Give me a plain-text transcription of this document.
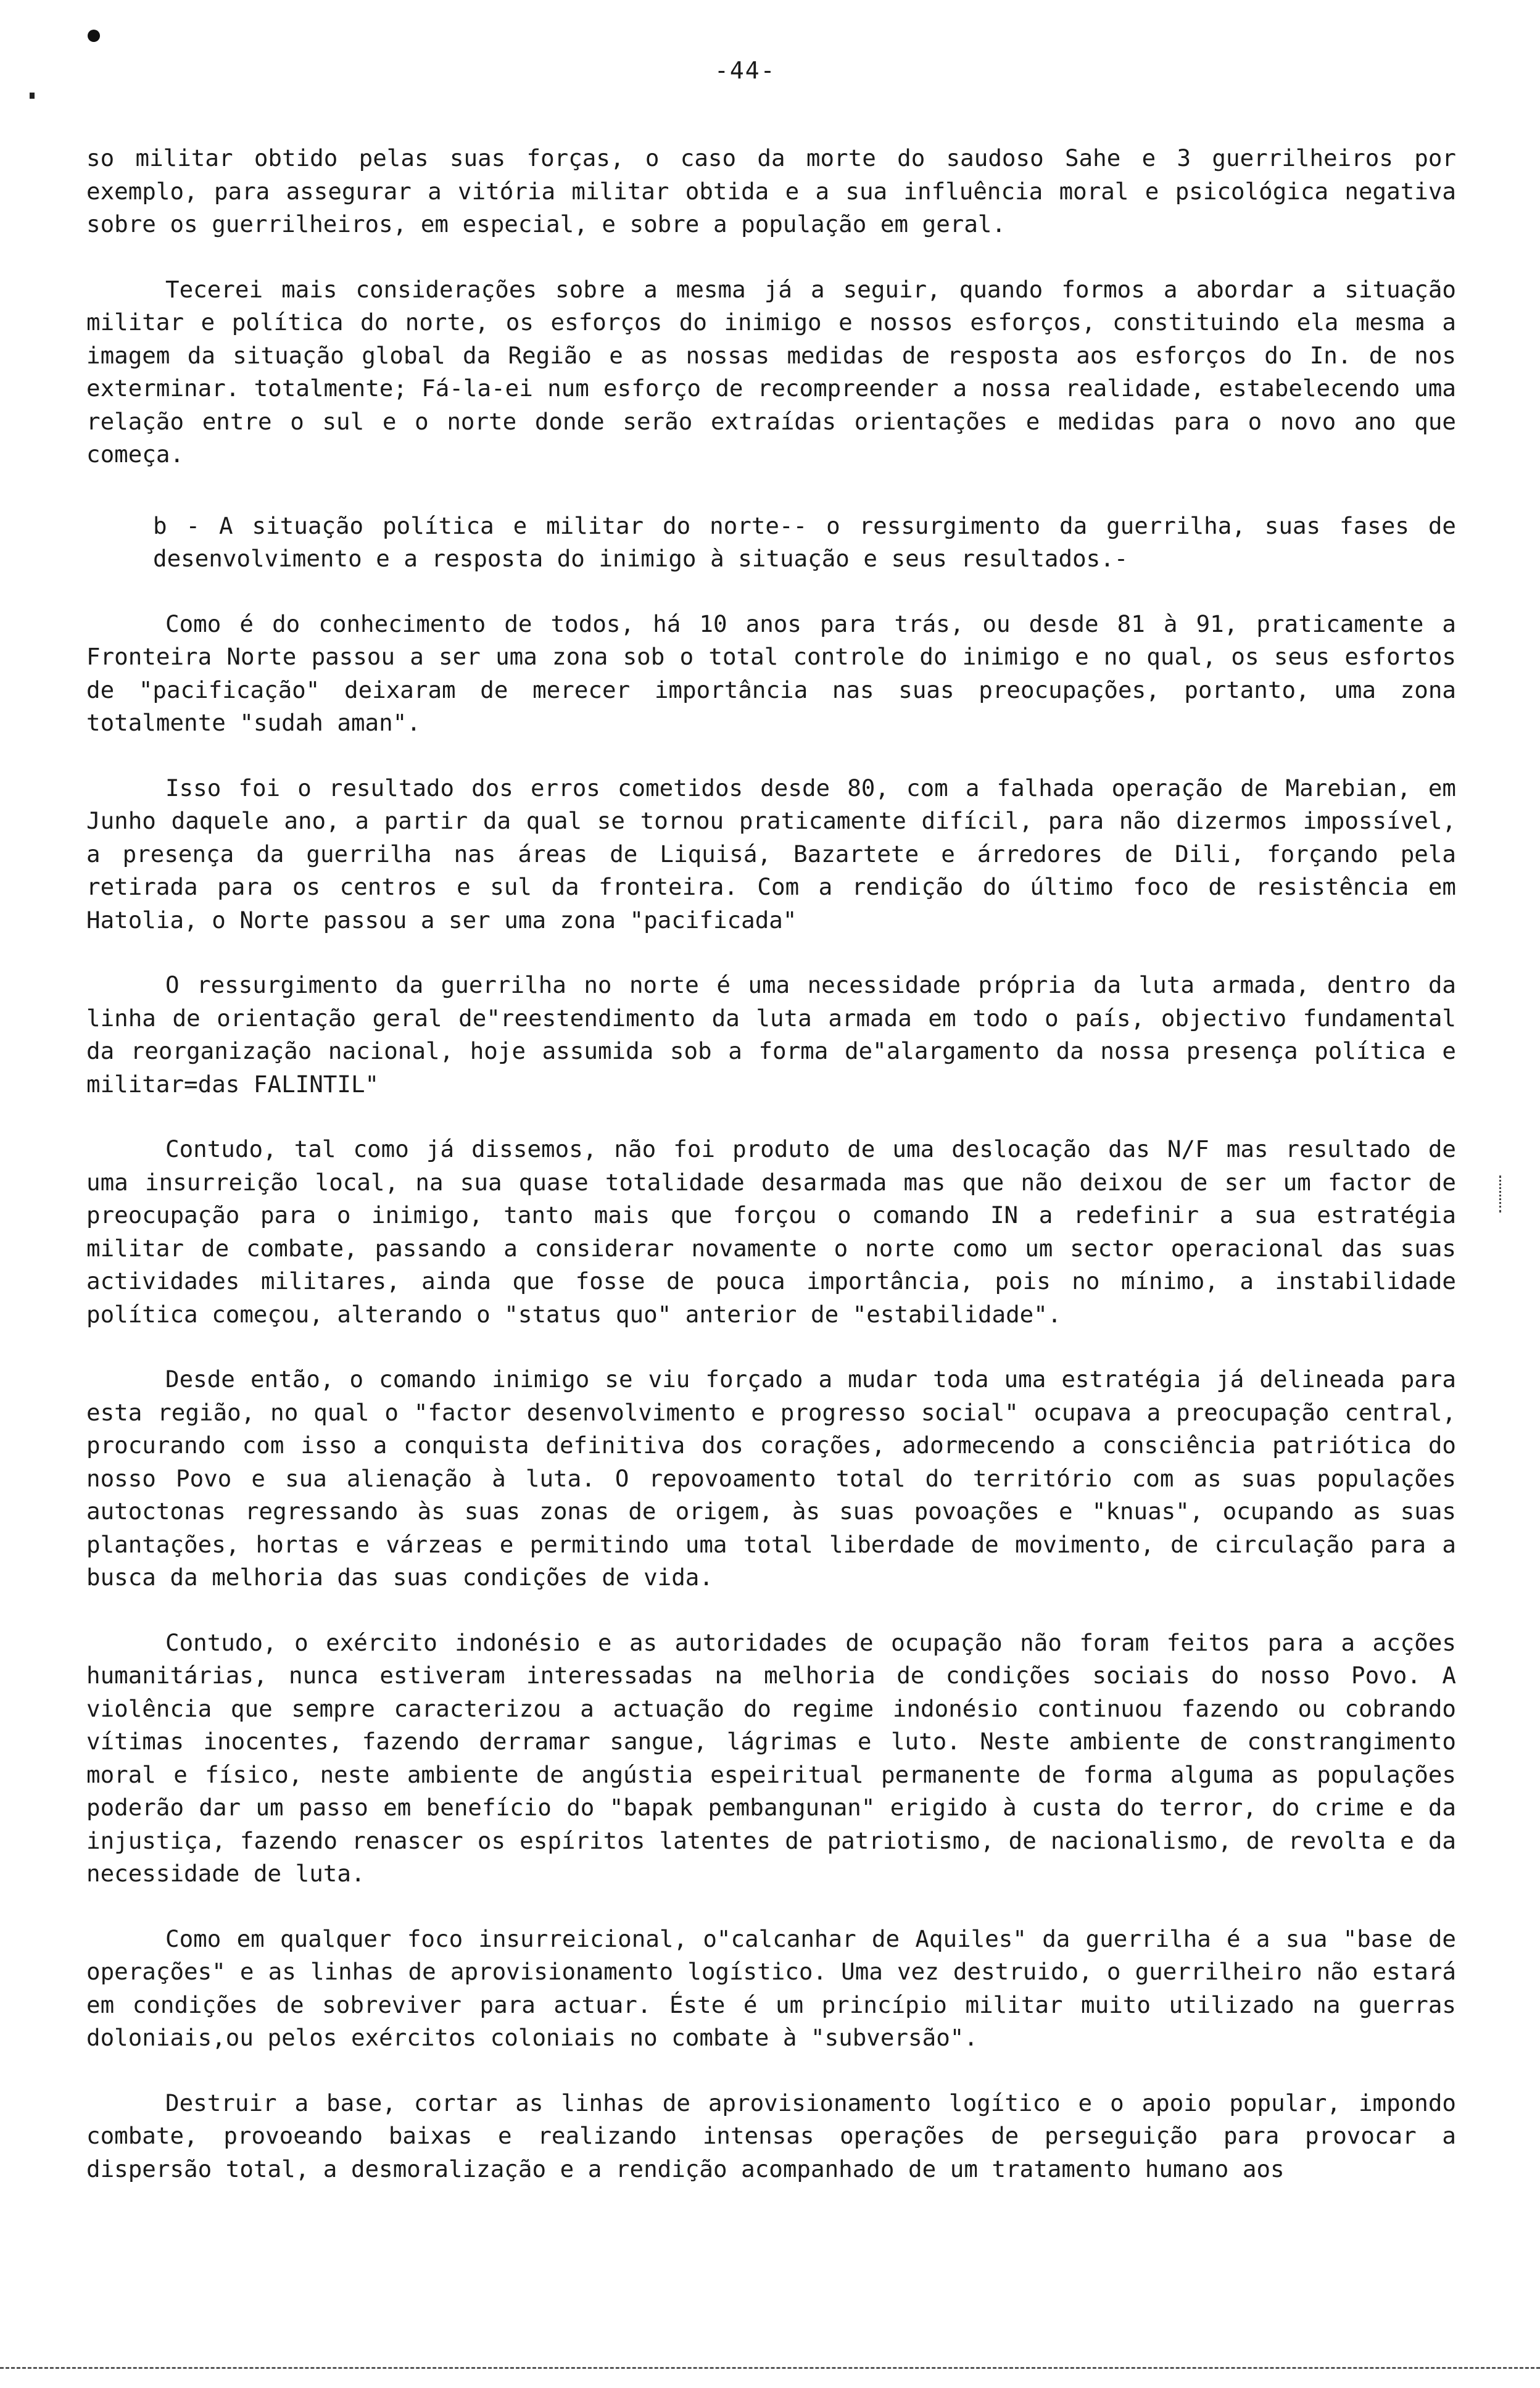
-44-

so militar obtido pelas suas forças, o caso da morte do saudoso Sahe e 3 guerrilheiros por exemplo, para assegurar a vitória militar obtida e a sua influência moral e psicológica negativa sobre os guerrilheiros, em especial, e sobre a população em geral.

Tecerei mais considerações sobre a mesma já a seguir, quando formos a abordar a situação militar e política do norte, os esforços do inimigo e nossos esforços, constituindo ela mesma a imagem da situação global da Região e as nossas medidas de resposta aos esforços do In. de nos exterminar. totalmente; Fá-la-ei num esforço de recompreender a nossa realidade, estabelecendo uma relação entre o sul e o norte donde serão extraídas orientações e medidas para o novo ano que começa.

b - A situação política e militar do norte-- o ressurgimento da guerrilha, suas fases de desenvolvimento e a resposta do inimigo à situação e seus resultados.-

Como é do conhecimento de todos, há 10 anos para trás, ou desde 81 à 91, praticamente a Fronteira Norte passou a ser uma zona sob o total controle do inimigo e no qual, os seus esfortos de "pacificação" deixaram de merecer importância nas suas preocupações, portanto, uma zona totalmente "sudah aman".

Isso foi o resultado dos erros cometidos desde 80, com a falhada operação de Marebian, em Junho daquele ano, a partir da qual se tornou praticamente difícil, para não dizermos impossível, a presença da guerrilha nas áreas de Liquisá, Bazartete e árredores de Dili, forçando pela retirada para os centros e sul da fronteira. Com a rendição do último foco de resistência em Hatolia, o Norte passou a ser uma zona "pacificada"

O ressurgimento da guerrilha no norte é uma necessidade própria da luta armada, dentro da linha de orientação geral de"reestendimento da luta armada em todo o país, objectivo fundamental da reorganização nacional, hoje assumida sob a forma de"alargamento da nossa presença política e militar=das FALINTIL"

Contudo, tal como já dissemos, não foi produto de uma deslocação das N/F mas resultado de uma insurreição local, na sua quase totalidade desarmada mas que não deixou de ser um factor de preocupação para o inimigo, tanto mais que forçou o comando IN a redefinir a sua estratégia militar de combate, passando a considerar novamente o norte como um sector operacional das suas actividades militares, ainda que fosse de pouca importância, pois no mínimo, a instabilidade política começou, alterando o "status quo" anterior de "estabilidade".

Desde então, o comando inimigo se viu forçado a mudar toda uma estratégia já delineada para esta região, no qual o "factor desenvolvimento e progresso social" ocupava a preocupação central, procurando com isso a conquista definitiva dos corações, adormecendo a consciência patriótica do nosso Povo e sua alienação à luta. O repovoamento total do território com as suas populações autoctonas regressando às suas zonas de origem, às suas povoações e "knuas", ocupando as suas plantações, hortas e várzeas e permitindo uma total liberdade de movimento, de circulação para a busca da melhoria das suas condições de vida.

Contudo, o exército indonésio e as autoridades de ocupação não foram feitos para a acções humanitárias, nunca estiveram interessadas na melhoria de condições sociais do nosso Povo. A violência que sempre caracterizou a actuação do regime indonésio continuou fazendo ou cobrando vítimas inocentes, fazendo derramar sangue, lágrimas e luto. Neste ambiente de constrangimento moral e físico, neste ambiente de angústia espeiritual permanente de forma alguma as populações poderão dar um passo em benefício do "bapak pembangunan" erigido à custa do terror, do crime e da injustiça, fazendo renascer os espíritos latentes de patriotismo, de nacionalismo, de revolta e da necessidade de luta.

Como em qualquer foco insurreicional, o"calcanhar de Aquiles" da guerrilha é a sua "base de operações" e as linhas de aprovisionamento logístico. Uma vez destruido, o guerrilheiro não estará em condições de sobreviver para actuar. Éste é um princípio militar muito utilizado na guerras doloniais,ou pelos exércitos coloniais no combate à "subversão".

Destruir a base, cortar as linhas de aprovisionamento logítico e o apoio popular, impondo combate, provoeando baixas e realizando intensas operações de perseguição para provocar a dispersão total, a desmoralização e a rendição acompanhado de um tratamento humano aos
